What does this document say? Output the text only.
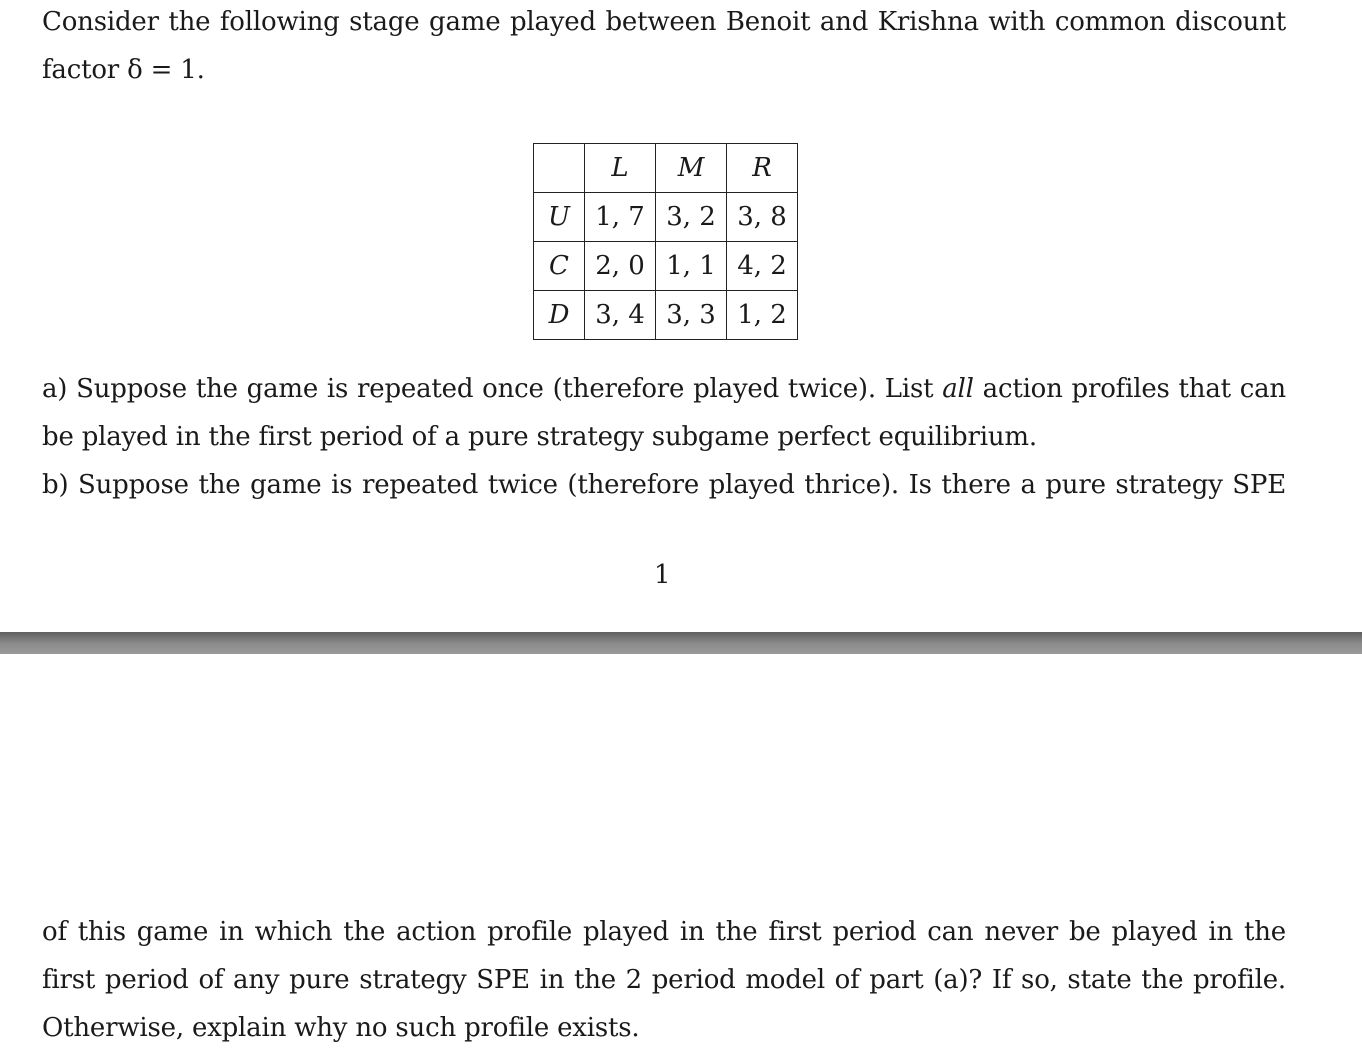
Consider the following stage game played between Benoit and Krishna with common discount
factor δ = 1.
	L	M	R
U	1, 7	3, 2	3, 8
C	2, 0	1, 1	4, 2
D	3, 4	3, 3	1, 2
a) Suppose the game is repeated once (therefore played twice). List all action profiles that can
be played in the first period of a pure strategy subgame perfect equilibrium.
b) Suppose the game is repeated twice (therefore played thrice). Is there a pure strategy SPE
1
of this game in which the action profile played in the first period can never be played in the
first period of any pure strategy SPE in the 2 period model of part (a)? If so, state the profile.
Otherwise, explain why no such profile exists.
